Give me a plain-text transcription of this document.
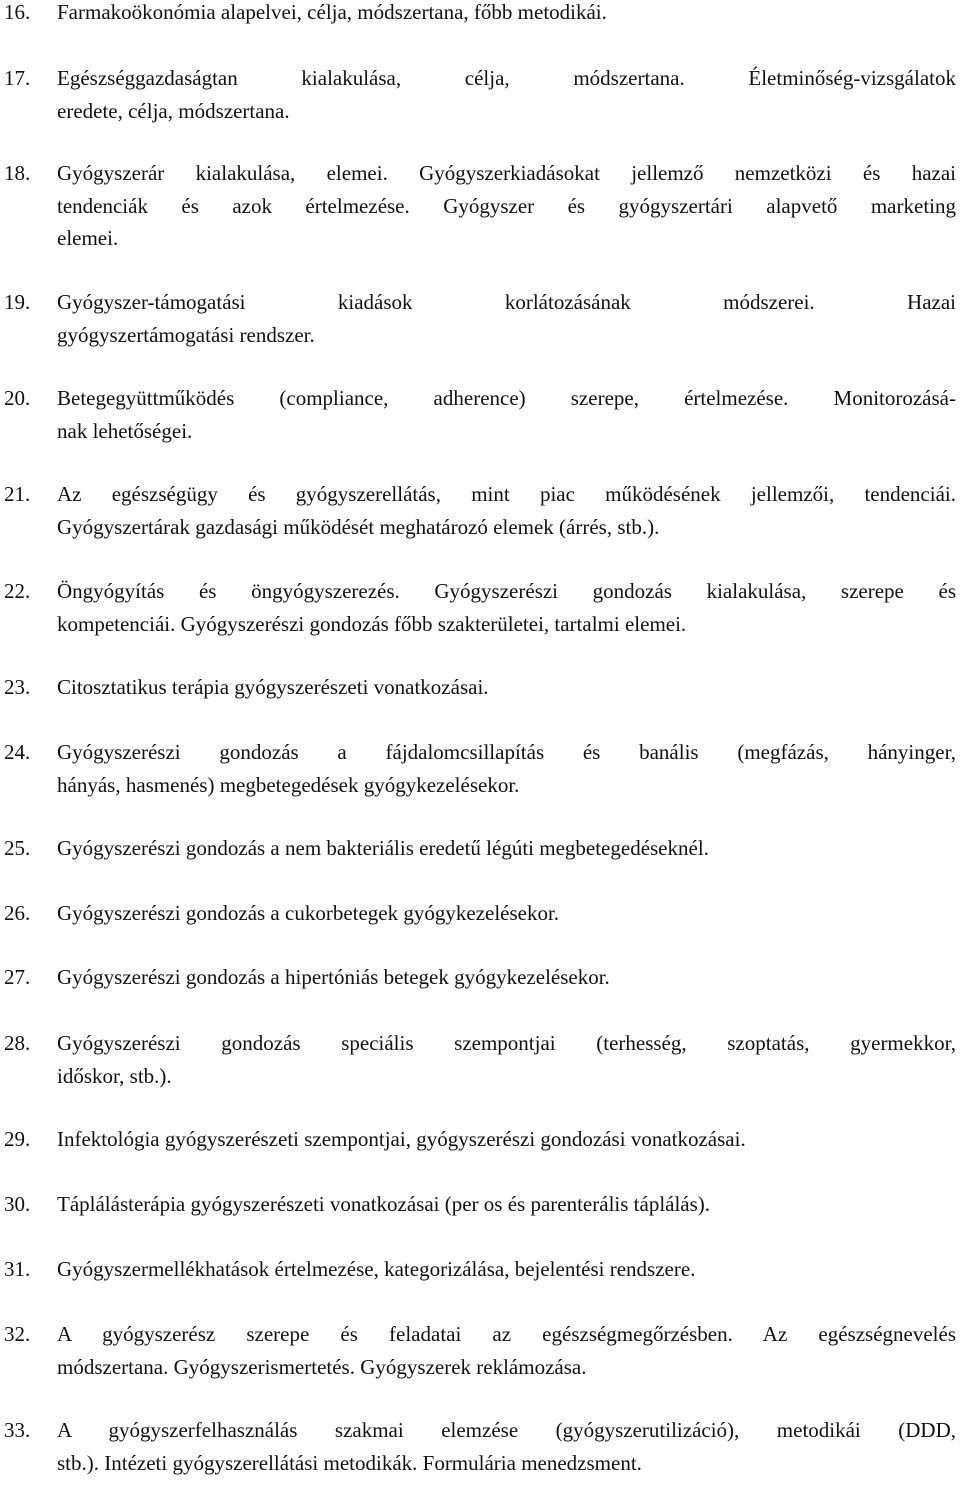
16.	Farmakoökonómia alapelvei, célja, módszertana, főbb metodikái.
17.	Egészséggazdaságtan kialakulása, célja, módszertana. Életminőség-vizsgálatok
eredete, célja, módszertana.
18.	Gyógyszerár kialakulása, elemei. Gyógyszerkiadásokat jellemző nemzetközi és hazai
tendenciák és azok értelmezése. Gyógyszer és gyógyszertári alapvető marketing
elemei.
19.	Gyógyszer-támogatási kiadások korlátozásának módszerei. Hazai
gyógyszertámogatási rendszer.
20.	Betegegyüttműködés (compliance, adherence) szerepe, értelmezése. Monitorozásá-
nak lehetőségei.
21.	Az egészségügy és gyógyszerellátás, mint piac működésének jellemzői, tendenciái.
Gyógyszertárak gazdasági működését meghatározó elemek (árrés, stb.).
22.	Öngyógyítás és öngyógyszerezés. Gyógyszerészi gondozás kialakulása, szerepe és
kompetenciái. Gyógyszerészi gondozás főbb szakterületei, tartalmi elemei.
23.	Citosztatikus terápia gyógyszerészeti vonatkozásai.
24.	Gyógyszerészi gondozás a fájdalomcsillapítás és banális (megfázás, hányinger,
hányás, hasmenés) megbetegedések gyógykezelésekor.
25.	Gyógyszerészi gondozás a nem bakteriális eredetű légúti megbetegedéseknél.
26.	Gyógyszerészi gondozás a cukorbetegek gyógykezelésekor.
27.	Gyógyszerészi gondozás a hipertóniás betegek gyógykezelésekor.
28.	Gyógyszerészi gondozás speciális szempontjai (terhesség, szoptatás, gyermekkor,
időskor, stb.).
29.	Infektológia gyógyszerészeti szempontjai, gyógyszerészi gondozási vonatkozásai.
30.	Táplálásterápia gyógyszerészeti vonatkozásai (per os és parenterális táplálás).
31.	Gyógyszermellékhatások értelmezése, kategorizálása, bejelentési rendszere.
32.	A gyógyszerész szerepe és feladatai az egészségmegőrzésben. Az egészségnevelés
módszertana. Gyógyszerismertetés. Gyógyszerek reklámozása.
33.	A gyógyszerfelhasználás szakmai elemzése (gyógyszerutilizáció), metodikái (DDD,
stb.). Intézeti gyógyszerellátási metodikák. Formulária menedzsment.
